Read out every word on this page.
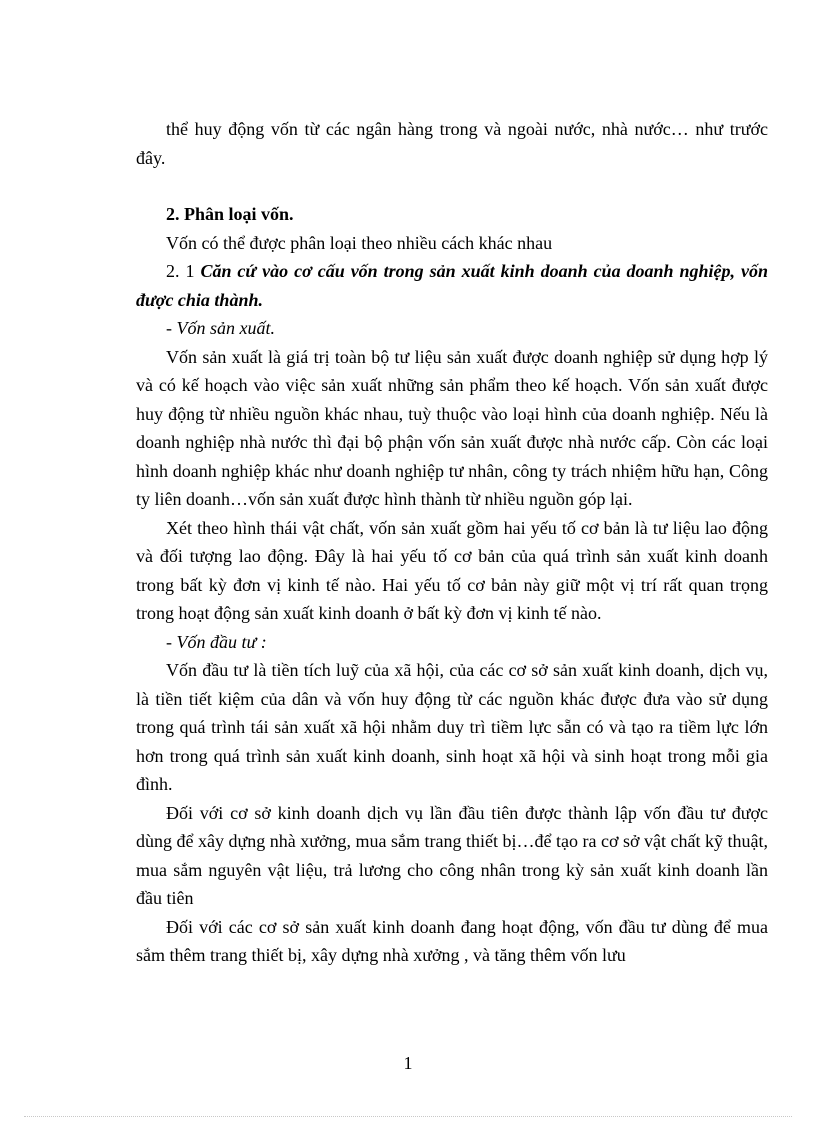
thể huy động vốn từ các ngân hàng trong và ngoài nước, nhà nước… như trước đây.

2. Phân loại vốn.

Vốn có thể được phân loại theo nhiều cách khác nhau

2. 1 Căn cứ vào cơ cấu vốn trong sản xuất kinh doanh của doanh nghiệp, vốn được chia thành.

- Vốn sản xuất.

Vốn sản xuất là giá trị toàn bộ tư liệu sản xuất được doanh nghiệp sử dụng hợp lý và có kế hoạch vào việc sản xuất những sản phẩm theo kế hoạch. Vốn sản xuất được huy động từ nhiều nguồn khác nhau, tuỳ thuộc vào loại hình của doanh nghiệp. Nếu là doanh nghiệp nhà nước thì đại bộ phận vốn sản xuất được nhà nước cấp. Còn các loại hình doanh nghiệp khác như doanh nghiệp tư nhân, công ty trách nhiệm hữu hạn, Công ty liên doanh…vốn sản xuất được hình thành từ nhiều nguồn góp lại.

Xét theo hình thái vật chất, vốn sản xuất gồm hai yếu tố cơ bản là tư liệu lao động và đối tượng lao động. Đây là hai yếu tố cơ bản của quá trình sản xuất kinh doanh trong bất kỳ đơn vị kinh tế nào. Hai yếu tố cơ bản này giữ một vị trí rất quan trọng trong hoạt động sản xuất kinh doanh ở bất kỳ đơn vị kinh tế nào.

- Vốn đầu tư :

Vốn đầu tư là tiền tích luỹ của xã hội, của các cơ sở sản xuất kinh doanh, dịch vụ, là tiền tiết kiệm của dân và vốn huy động từ các nguồn khác được đưa vào sử dụng trong quá trình tái sản xuất xã hội nhằm duy trì tiềm lực sẵn có và tạo ra tiềm lực lớn hơn trong quá trình sản xuất kinh doanh, sinh hoạt xã hội và sinh hoạt trong mỗi gia đình.

Đối với cơ sở kinh doanh dịch vụ lần đầu tiên được thành lập vốn đầu tư được dùng để xây dựng nhà xưởng, mua sắm trang thiết bị…để tạo ra cơ sở vật chất kỹ thuật, mua sắm nguyên vật liệu, trả lương cho công nhân trong kỳ sản xuất kinh doanh lần đầu tiên

Đối với các cơ sở sản xuất kinh doanh đang hoạt động, vốn đầu tư dùng để mua sắm thêm trang thiết bị, xây dựng nhà xưởng , và tăng thêm vốn lưu

1
